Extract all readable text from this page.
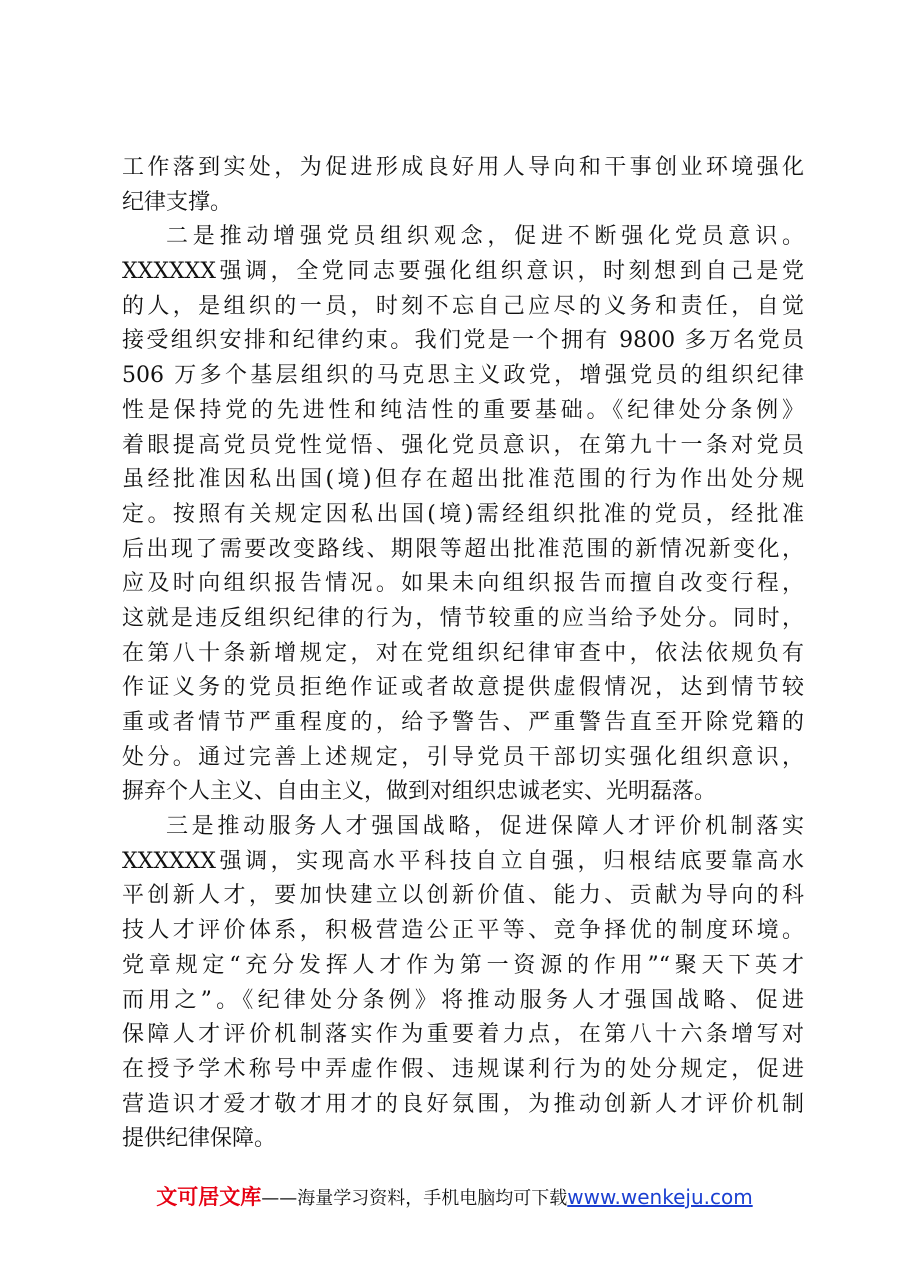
工作落到实处，为促进形成良好用人导向和干事创业环境强化
纪律支撑。
二是推动增强党员组织观念，促进不断强化党员意识。
XXXXXX强调，全党同志要强化组织意识，时刻想到自己是党
的人，是组织的一员，时刻不忘自己应尽的义务和责任，自觉
接受组织安排和纪律约束。我们党是一个拥有 9800 多万名党员
506 万多个基层组织的马克思主义政党，增强党员的组织纪律
性是保持党的先进性和纯洁性的重要基础。《纪律处分条例》
着眼提高党员党性觉悟、强化党员意识，在第九十一条对党员
虽经批准因私出国(境)但存在超出批准范围的行为作出处分规
定。按照有关规定因私出国(境)需经组织批准的党员，经批准
后出现了需要改变路线、期限等超出批准范围的新情况新变化，
应及时向组织报告情况。如果未向组织报告而擅自改变行程，
这就是违反组织纪律的行为，情节较重的应当给予处分。同时，
在第八十条新增规定，对在党组织纪律审查中，依法依规负有
作证义务的党员拒绝作证或者故意提供虚假情况，达到情节较
重或者情节严重程度的，给予警告、严重警告直至开除党籍的
处分。通过完善上述规定，引导党员干部切实强化组织意识，
摒弃个人主义、自由主义，做到对组织忠诚老实、光明磊落。
三是推动服务人才强国战略，促进保障人才评价机制落实
XXXXXX强调，实现高水平科技自立自强，归根结底要靠高水
平创新人才，要加快建立以创新价值、能力、贡献为导向的科
技人才评价体系，积极营造公正平等、竞争择优的制度环境。
党章规定“充分发挥人才作为第一资源的作用”“聚天下英才
而用之”。《纪律处分条例》将推动服务人才强国战略、促进
保障人才评价机制落实作为重要着力点，在第八十六条增写对
在授予学术称号中弄虚作假、违规谋利行为的处分规定，促进
营造识才爱才敬才用才的良好氛围，为推动创新人才评价机制
提供纪律保障。
文可居文库——海量学习资料，手机电脑均可下载www.wenkeju.com
